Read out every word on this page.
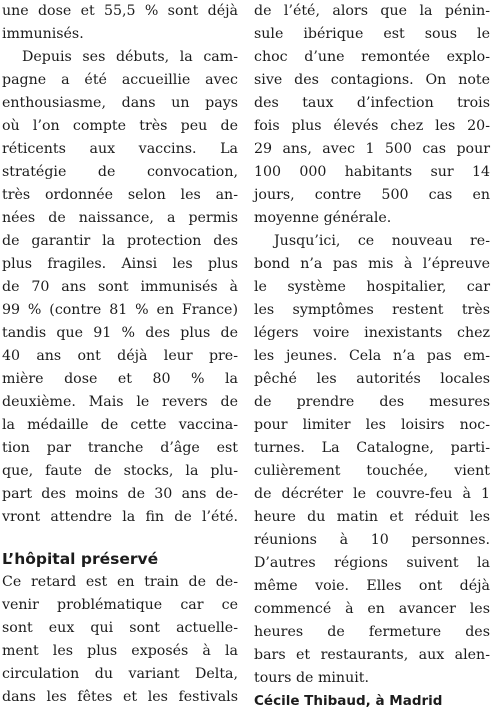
une dose et 55,5 % sont déjà
immunisés.
Depuis ses débuts, la cam-
pagne a été accueillie avec
enthousiasme, dans un pays
où l’on compte très peu de
réticents aux vaccins. La
stratégie de convocation,
très ordonnée selon les an-
nées de naissance, a permis
de garantir la protection des
plus fragiles. Ainsi les plus
de 70 ans sont immunisés à
99 % (contre 81 % en France)
tandis que 91 % des plus de
40 ans ont déjà leur pre-
mière dose et 80 % la
deuxième. Mais le revers de
la médaille de cette vaccina-
tion par tranche d’âge est
que, faute de stocks, la plu-
part des moins de 30 ans de-
vront attendre la fin de l’été.
L’hôpital préservé
Ce retard est en train de de-
venir problématique car ce
sont eux qui sont actuelle-
ment les plus exposés à la
circulation du variant Delta,
dans les fêtes et les festivals
de l’été, alors que la pénin-
sule ibérique est sous le
choc d’une remontée explo-
sive des contagions. On note
des taux d’infection trois
fois plus élevés chez les 20-
29 ans, avec 1 500 cas pour
100 000 habitants sur 14
jours, contre 500 cas en
moyenne générale.
Jusqu’ici, ce nouveau re-
bond n’a pas mis à l’épreuve
le système hospitalier, car
les symptômes restent très
légers voire inexistants chez
les jeunes. Cela n’a pas em-
pêché les autorités locales
de prendre des mesures
pour limiter les loisirs noc-
turnes. La Catalogne, parti-
culièrement touchée, vient
de décréter le couvre-feu à 1
heure du matin et réduit les
réunions à 10 personnes.
D’autres régions suivent la
même voie. Elles ont déjà
commencé à en avancer les
heures de fermeture des
bars et restaurants, aux alen-
tours de minuit.
Cécile Thibaud, à Madrid
